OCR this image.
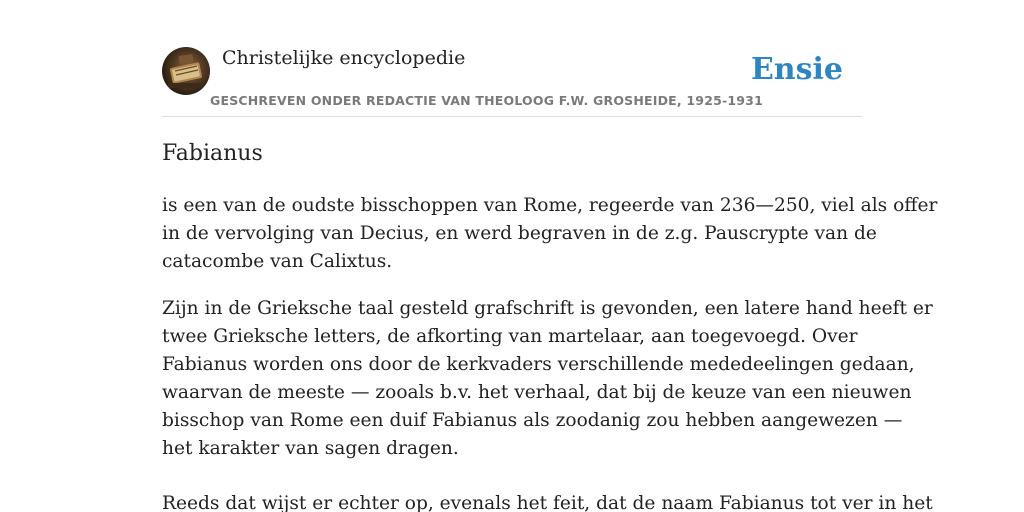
Christelijke encyclopedie
GESCHREVEN ONDER REDACTIE VAN THEOLOOG F.W. GROSHEIDE, 1925-1931
Ensie
Fabianus
is een van de oudste bisschoppen van Rome, regeerde van 236—250, viel als offer
in de vervolging van Decius, en werd begraven in de z.g. Pauscrypte van de
catacombe van Calixtus.
Zijn in de Grieksche taal gesteld grafschrift is gevonden, een latere hand heeft er
twee Grieksche letters, de afkorting van martelaar, aan toegevoegd. Over
Fabianus worden ons door de kerkvaders verschillende mededeelingen gedaan,
waarvan de meeste — zooals b.v. het verhaal, dat bij de keuze van een nieuwen
bisschop van Rome een duif Fabianus als zoodanig zou hebben aangewezen —
het karakter van sagen dragen.
Reeds dat wijst er echter op, evenals het feit, dat de naam Fabianus tot ver in het
